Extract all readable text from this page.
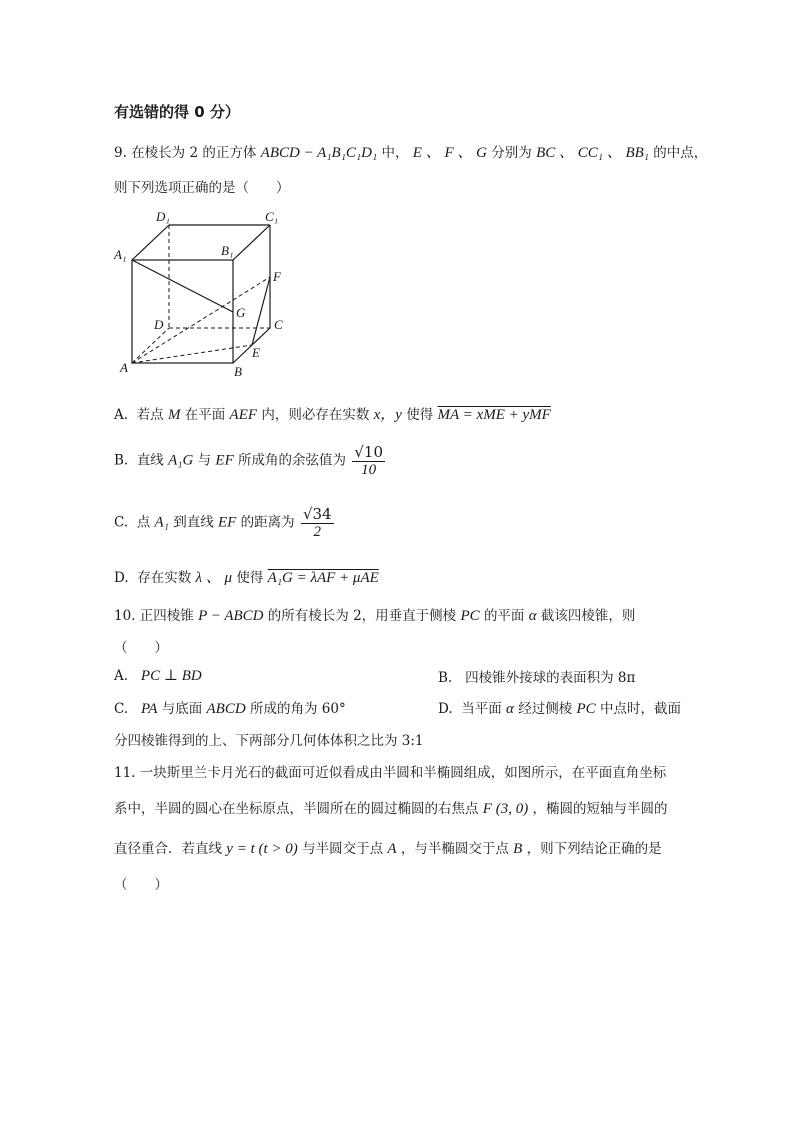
有选错的得 0 分）
9. 在棱长为 2 的正方体 ABCD − A₁B₁C₁D₁ 中， E 、 F 、 G 分别为 BC 、 CC₁ 、 BB₁ 的中点，
则下列选项正确的是（　　）
D₁	C₁
A₁	B₁
F
G
D	C
E
A	B
A. 若点 M 在平面 AEF 内，则必存在实数 x，y 使得 MA = xME + yMF
B. 直线 A₁G 与 EF 所成角的余弦值为 $\frac{√10}{10}$
C. 点 A₁ 到直线 EF 的距离为 $\frac{√34}{2}$
D. 存在实数 λ 、 μ 使得 A₁G = λAF + μAE
10. 正四棱锥 P − ABCD 的所有棱长为 2，用垂直于侧棱 PC 的平面 α 截该四棱锥，则
（　　）
A. PC ⊥ BD	B. 四棱锥外接球的表面积为 8π
C. PA 与底面 ABCD 所成的角为 60°	D. 当平面 α 经过侧棱 PC 中点时，截面
分四棱锥得到的上、下两部分几何体体积之比为 3:1
11. 一块斯里兰卡月光石的截面可近似看成由半圆和半椭圆组成，如图所示，在平面直角坐标
系中，半圆的圆心在坐标原点，半圆所在的圆过椭圆的右焦点 F (3, 0) ，椭圆的短轴与半圆的
直径重合．若直线 y = t (t > 0) 与半圆交于点 A ，与半椭圆交于点 B ，则下列结论正确的是
（　　）
